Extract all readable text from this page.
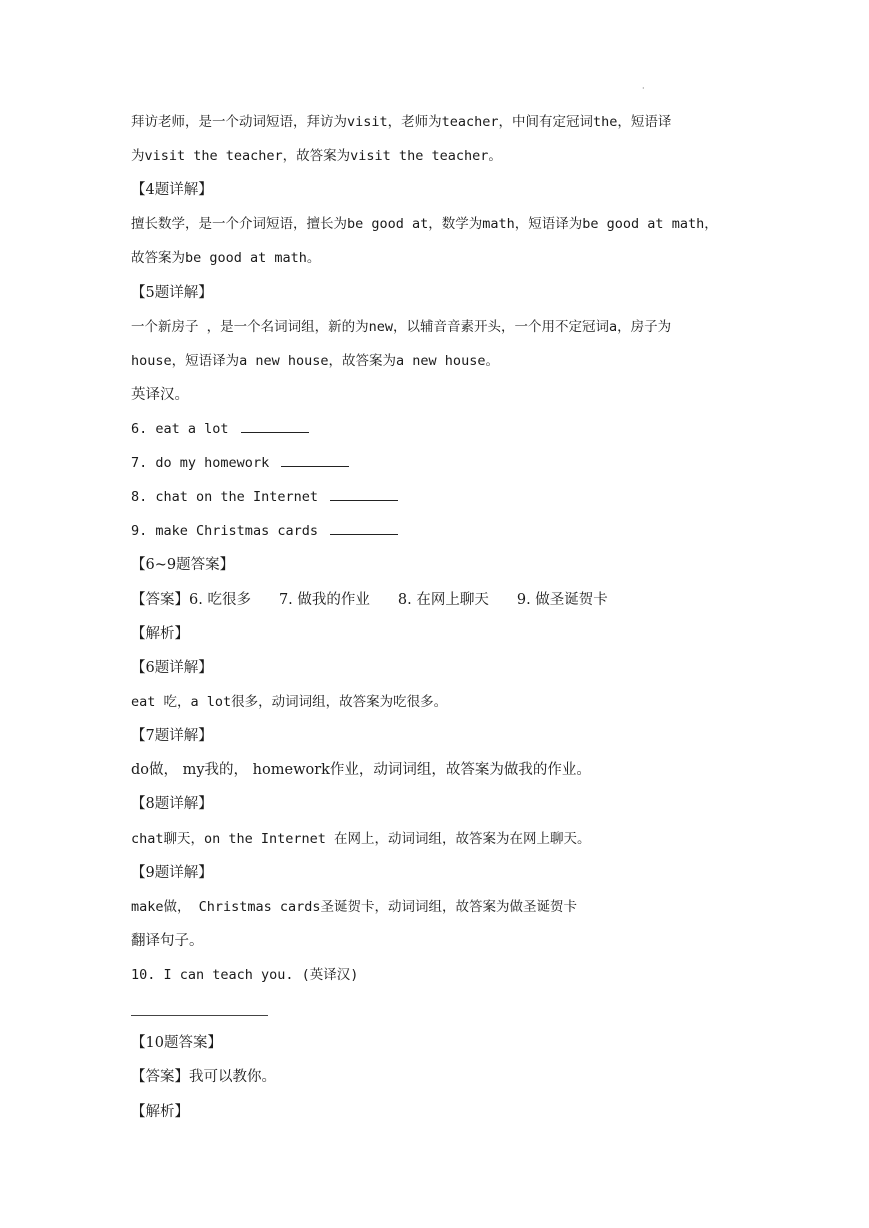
·
拜访老师，是一个动词短语，拜访为visit，老师为teacher，中间有定冠词the，短语译
为visit the teacher，故答案为visit the teacher。
【4题详解】
擅长数学，是一个介词短语，擅长为be good at，数学为math，短语译为be good at math，
故答案为be good at math。
【5题详解】
一个新房子 ，是一个名词词组，新的为new，以辅音音素开头，一个用不定冠词a，房子为
house，短语译为a new house，故答案为a new house。
英译汉。
6. eat a lot
7. do my homework
8. chat on the Internet
9. make Christmas cards
【6~9题答案】
【答案】6. 吃很多 7. 做我的作业 8. 在网上聊天 9. 做圣诞贺卡
【解析】
【6题详解】
eat 吃，a lot很多，动词词组，故答案为吃很多。
【7题详解】
do做， my我的， homework作业，动词词组，故答案为做我的作业。
【8题详解】
chat聊天，on the Internet 在网上，动词词组，故答案为在网上聊天。
【9题详解】
make做， Christmas cards圣诞贺卡，动词词组，故答案为做圣诞贺卡
翻译句子。
10. I can teach you. (英译汉)
【10题答案】
【答案】我可以教你。
【解析】
